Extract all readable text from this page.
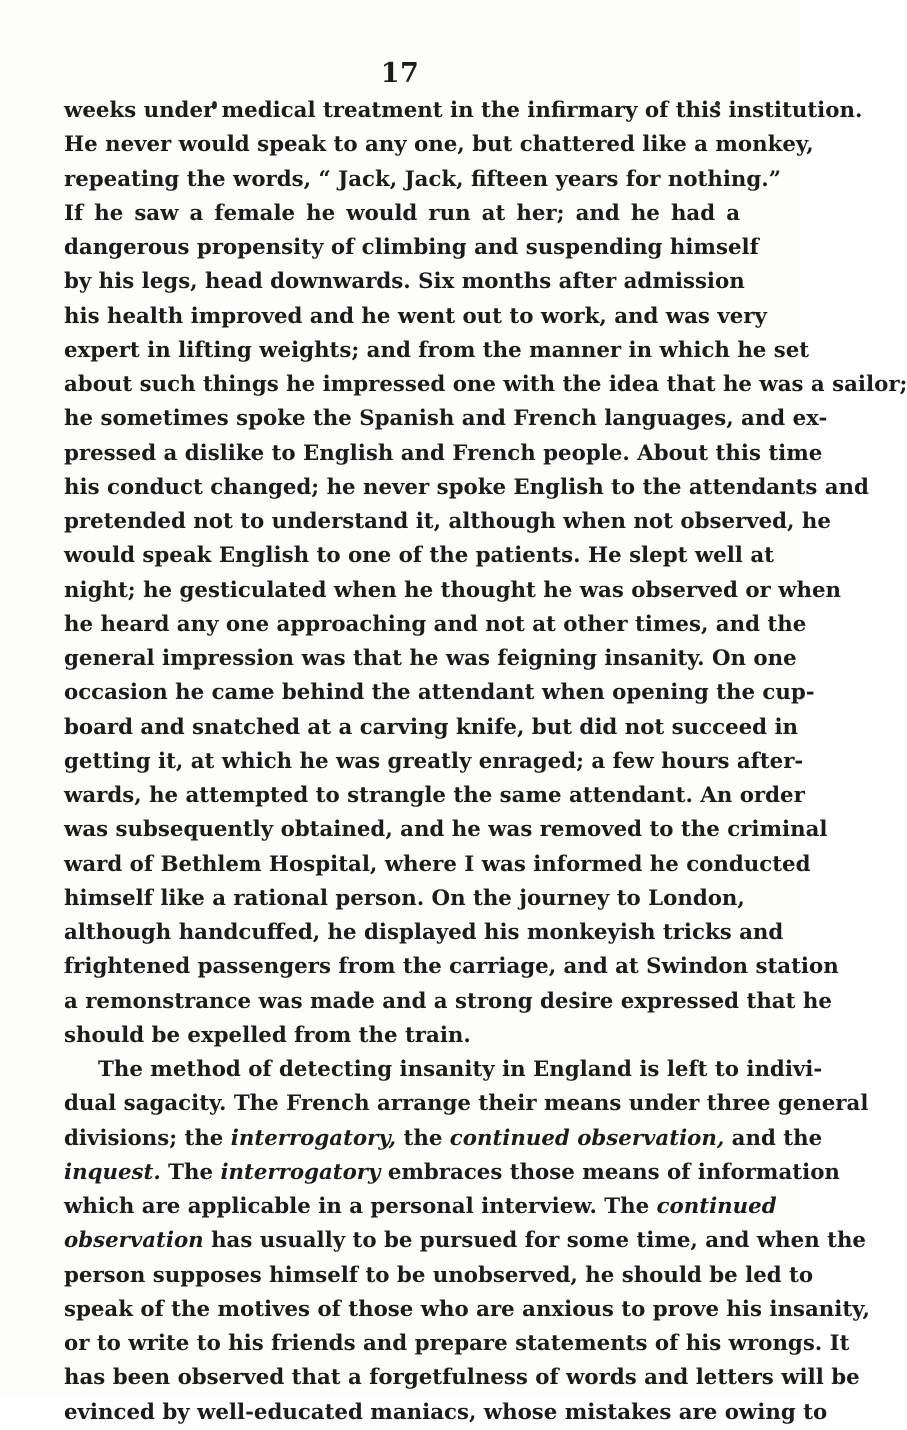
17
weeks under medical treatment in the infirmary of this institution.
He never would speak to any one, but chattered like a monkey,
repeating the words, “ Jack, Jack, fifteen years for nothing.”
If he saw a female he would run at her; and he had a
dangerous propensity of climbing and suspending himself
by his legs, head downwards. Six months after admission
his health improved and he went out to work, and was very
expert in lifting weights; and from the manner in which he set
about such things he impressed one with the idea that he was a sailor;
he sometimes spoke the Spanish and French languages, and ex-
pressed a dislike to English and French people. About this time
his conduct changed; he never spoke English to the attendants and
pretended not to understand it, although when not observed, he
would speak English to one of the patients. He slept well at
night; he gesticulated when he thought he was observed or when
he heard any one approaching and not at other times, and the
general impression was that he was feigning insanity. On one
occasion he came behind the attendant when opening the cup-
board and snatched at a carving knife, but did not succeed in
getting it, at which he was greatly enraged; a few hours after-
wards, he attempted to strangle the same attendant. An order
was subsequently obtained, and he was removed to the criminal
ward of Bethlem Hospital, where I was informed he conducted
himself like a rational person. On the journey to London,
although handcuffed, he displayed his monkeyish tricks and
frightened passengers from the carriage, and at Swindon station
a remonstrance was made and a strong desire expressed that he
should be expelled from the train.
The method of detecting insanity in England is left to indivi-
dual sagacity. The French arrange their means under three general
divisions; the interrogatory, the continued observation, and the
inquest. The interrogatory embraces those means of information
which are applicable in a personal interview. The continued
observation has usually to be pursued for some time, and when the
person supposes himself to be unobserved, he should be led to
speak of the motives of those who are anxious to prove his insanity,
or to write to his friends and prepare statements of his wrongs. It
has been observed that a forgetfulness of words and letters will be
evinced by well-educated maniacs, whose mistakes are owing to
